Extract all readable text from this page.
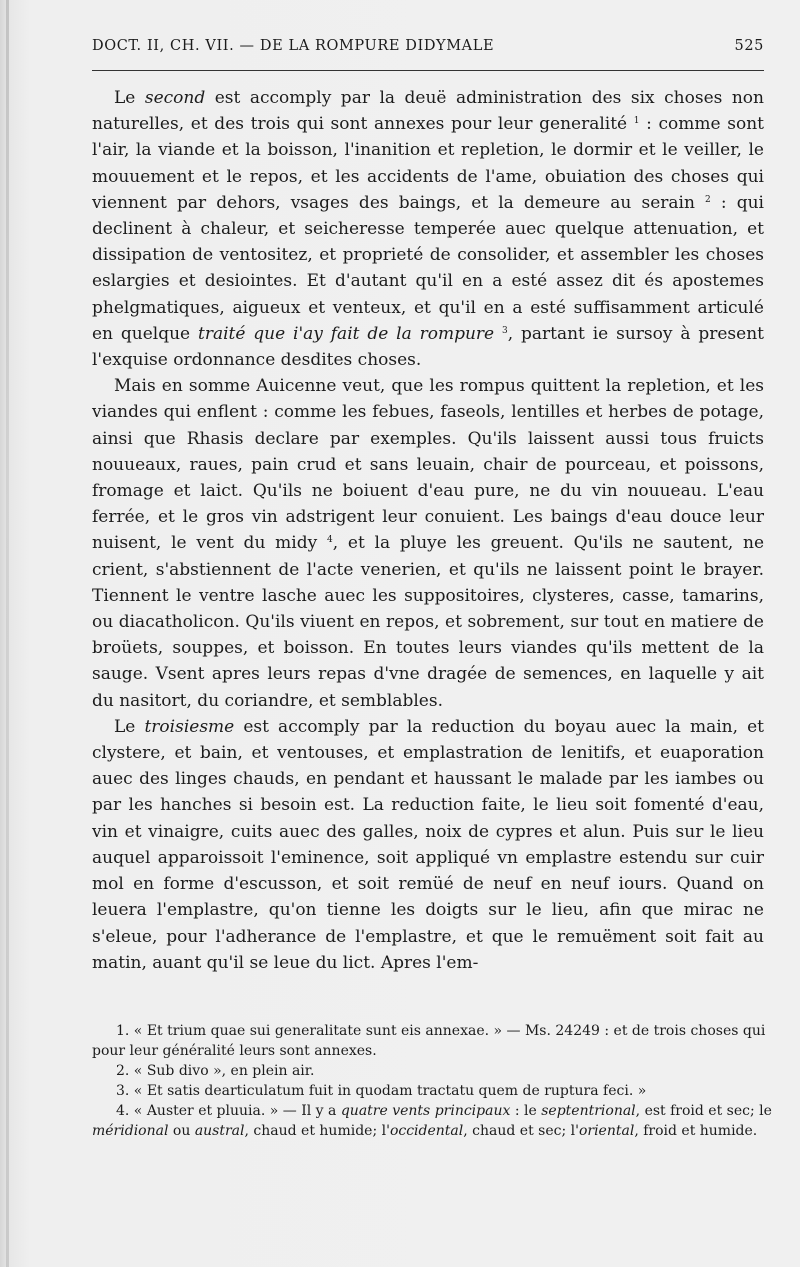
DOCT. II, CH. VII. — DE LA ROMPURE DIDYMALE	525

Le second est accomply par la deuë administration des six choses non naturelles, et des trois qui sont annexes pour leur generalité $^1$ : comme sont l'air, la viande et la boisson, l'inanition et repletion, le dormir et le veiller, le mouuement et le repos, et les accidents de l'ame, obuiation des choses qui viennent par dehors, vsages des baings, et la demeure au serain $^2$ : qui declinent à chaleur, et seicheresse temperée auec quelque attenuation, et dissipation de ventositez, et proprieté de consolider, et assembler les choses eslargies et desiointes. Et d'autant qu'il en a esté assez dit és apostemes phelgmatiques, aigueux et venteux, et qu'il en a esté suffisamment articulé en quelque traité que i'ay fait de la rompure $^3$, partant ie sursoy à present l'exquise ordonnance desdites choses.

Mais en somme Auicenne veut, que les rompus quittent la repletion, et les viandes qui enflent : comme les febues, faseols, lentilles et herbes de potage, ainsi que Rhasis declare par exemples. Qu'ils laissent aussi tous fruicts nouueaux, raues, pain crud et sans leuain, chair de pourceau, et poissons, fromage et laict. Qu'ils ne boiuent d'eau pure, ne du vin nouueau. L'eau ferrée, et le gros vin adstrigent leur conuient. Les baings d'eau douce leur nuisent, le vent du midy $^4$, et la pluye les greuent. Qu'ils ne sautent, ne crient, s'abstiennent de l'acte venerien, et qu'ils ne laissent point le brayer. Tiennent le ventre lasche auec les suppositoires, clysteres, casse, tamarins, ou diacatholicon. Qu'ils viuent en repos, et sobrement, sur tout en matiere de broüets, souppes, et boisson. En toutes leurs viandes qu'ils mettent de la sauge. Vsent apres leurs repas d'vne dragée de semences, en laquelle y ait du nasitort, du coriandre, et semblables.

Le troisiesme est accomply par la reduction du boyau auec la main, et clystere, et bain, et ventouses, et emplastration de lenitifs, et euaporation auec des linges chauds, en pendant et haussant le malade par les iambes ou par les hanches si besoin est. La reduction faite, le lieu soit fomenté d'eau, vin et vinaigre, cuits auec des galles, noix de cypres et alun. Puis sur le lieu auquel apparoissoit l'eminence, soit appliqué vn emplastre estendu sur cuir mol en forme d'escusson, et soit remüé de neuf en neuf iours. Quand on leuera l'emplastre, qu'on tienne les doigts sur le lieu, afin que mirac ne s'eleue, pour l'adherance de l'emplastre, et que le remuëment soit fait au matin, auant qu'il se leue du lict. Apres l'em-

1. « Et trium quae sui generalitate sunt eis annexae. » — Ms. 24249 : et de trois choses qui pour leur généralité leurs sont annexes.

2. « Sub divo », en plein air.

3. « Et satis dearticulatum fuit in quodam tractatu quem de ruptura feci. »

4. « Auster et pluuia. » — Il y a quatre vents principaux : le septentrional, est froid et sec; le méridional ou austral, chaud et humide; l'occidental, chaud et sec; l'oriental, froid et humide.
